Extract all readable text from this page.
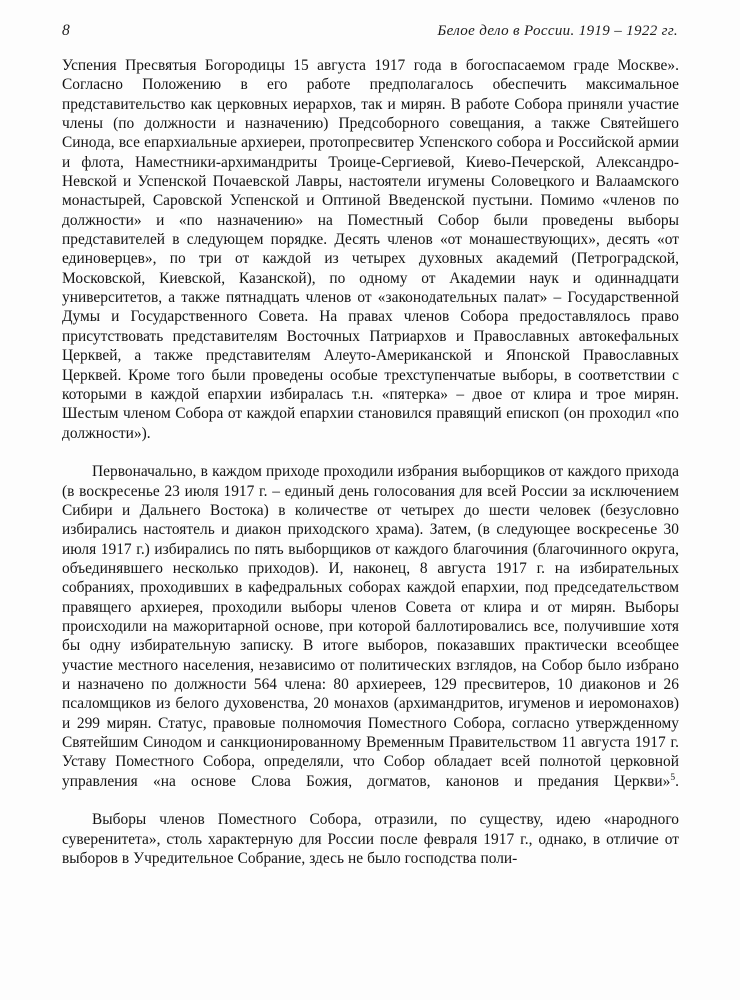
8	Белое дело в России. 1919 – 1922 гг.

Успения Пресвятыя Богородицы 15 августа 1917 года в богоспасаемом граде Москве». Согласно Положению в его работе предполагалось обеспечить максимальное представительство как церковных иерархов, так и мирян. В работе Собора приняли участие члены (по должности и назначению) Предсоборного совещания, а также Святейшего Синода, все епархиальные архиереи, протопресвитер Успенского собора и Российской армии и флота, Наместники-архимандриты Троице-Сергиевой, Киево-Печерской, Александро-Невской и Успенской Почаевской Лавры, настоятели игумены Соловецкого и Валаамского монастырей, Саровской Успенской и Оптиной Введенской пустыни. Помимо «членов по должности» и «по назначению» на Поместный Собор были проведены выборы представителей в следующем порядке. Десять членов «от монашествующих», десять «от единоверцев», по три от каждой из четырех духовных академий (Петроградской, Московской, Киевской, Казанской), по одному от Академии наук и одиннадцати университетов, а также пятнадцать членов от «законодательных палат» – Государственной Думы и Государственного Совета. На правах членов Собора предоставлялось право присутствовать представителям Восточных Патриархов и Православных автокефальных Церквей, а также представителям Алеуто-Американской и Японской Православных Церквей. Кроме того были проведены особые трехступенчатые выборы, в соответствии с которыми в каждой епархии избиралась т.н. «пятерка» – двое от клира и трое мирян. Шестым членом Собора от каждой епархии становился правящий епископ (он проходил «по должности»).

Первоначально, в каждом приходе проходили избрания выборщиков от каждого прихода (в воскресенье 23 июля 1917 г. – единый день голосования для всей России за исключением Сибири и Дальнего Востока) в количестве от четырех до шести человек (безусловно избирались настоятель и диакон приходского храма). Затем, (в следующее воскресенье 30 июля 1917 г.) избирались по пять выборщиков от каждого благочиния (благочинного округа, объединявшего несколько приходов). И, наконец, 8 августа 1917 г. на избирательных собраниях, проходивших в кафедральных соборах каждой епархии, под председательством правящего архиерея, проходили выборы членов Совета от клира и от мирян. Выборы происходили на мажоритарной основе, при которой баллотировались все, получившие хотя бы одну избирательную записку. В итоге выборов, показавших практически всеобщее участие местного населения, независимо от политических взглядов, на Собор было избрано и назначено по должности 564 члена: 80 архиереев, 129 пресвитеров, 10 диаконов и 26 псаломщиков из белого духовенства, 20 монахов (архимандритов, игуменов и иеромонахов) и 299 мирян. Статус, правовые полномочия Поместного Собора, согласно утвержденному Святейшим Синодом и санкционированному Временным Правительством 11 августа 1917 г. Уставу Поместного Собора, определяли, что Собор обладает всей полнотой церковной управления «на основе Слова Божия, догматов, канонов и предания Церкви»$^5$.

Выборы членов Поместного Собора, отразили, по существу, идею «народного суверенитета», столь характерную для России после февраля 1917 г., однако, в отличие от выборов в Учредительное Собрание, здесь не было господства поли-
